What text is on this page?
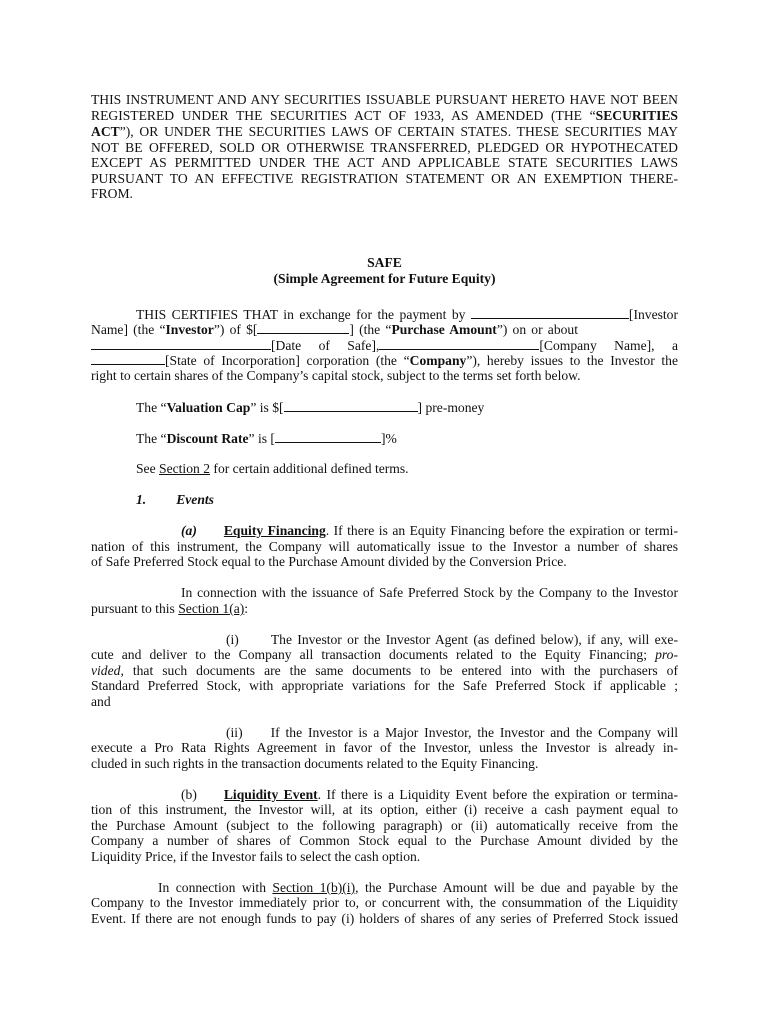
THIS INSTRUMENT AND ANY SECURITIES ISSUABLE PURSUANT HERETO HAVE NOT BEEN
REGISTERED UNDER THE SECURITIES ACT OF 1933, AS AMENDED (THE “SECURITIES
ACT”), OR UNDER THE SECURITIES LAWS OF CERTAIN STATES. THESE SECURITIES MAY
NOT BE OFFERED, SOLD OR OTHERWISE TRANSFERRED, PLEDGED OR HYPOTHECATED
EXCEPT AS PERMITTED UNDER THE ACT AND APPLICABLE STATE SECURITIES LAWS
PURSUANT TO AN EFFECTIVE REGISTRATION STATEMENT OR AN EXEMPTION THERE-
FROM.
SAFE
(Simple Agreement for Future Equity)
THIS CERTIFIES THAT in exchange for the payment by	[Investor
Name] (the “Investor”) of $[	] (the “Purchase Amount”) on or about
[Date of Safe],	[Company Name], a
[State of Incorporation] corporation (the “Company”), hereby issues to the Investor the
right to certain shares of the Company’s capital stock, subject to the terms set forth below.
The “Valuation Cap” is $[	] pre-money
The “Discount Rate” is [	]%
See Section 2 for certain additional defined terms.
1. Events
(a) Equity Financing. If there is an Equity Financing before the expiration or termi-
nation of this instrument, the Company will automatically issue to the Investor a number of shares
of Safe Preferred Stock equal to the Purchase Amount divided by the Conversion Price.
In connection with the issuance of Safe Preferred Stock by the Company to the Investor
pursuant to this Section 1(a):
(i) The Investor or the Investor Agent (as defined below), if any, will exe-
cute and deliver to the Company all transaction documents related to the Equity Financing; pro-
vided, that such documents are the same documents to be entered into with the purchasers of
Standard Preferred Stock, with appropriate variations for the Safe Preferred Stock if applicable ;
and
(ii) If the Investor is a Major Investor, the Investor and the Company will
execute a Pro Rata Rights Agreement in favor of the Investor, unless the Investor is already in-
cluded in such rights in the transaction documents related to the Equity Financing.
(b) Liquidity Event. If there is a Liquidity Event before the expiration or termina-
tion of this instrument, the Investor will, at its option, either (i) receive a cash payment equal to
the Purchase Amount (subject to the following paragraph) or (ii) automatically receive from the
Company a number of shares of Common Stock equal to the Purchase Amount divided by the
Liquidity Price, if the Investor fails to select the cash option.
In connection with Section 1(b)(i), the Purchase Amount will be due and payable by the
Company to the Investor immediately prior to, or concurrent with, the consummation of the Liquidity
Event. If there are not enough funds to pay (i) holders of shares of any series of Preferred Stock issued
